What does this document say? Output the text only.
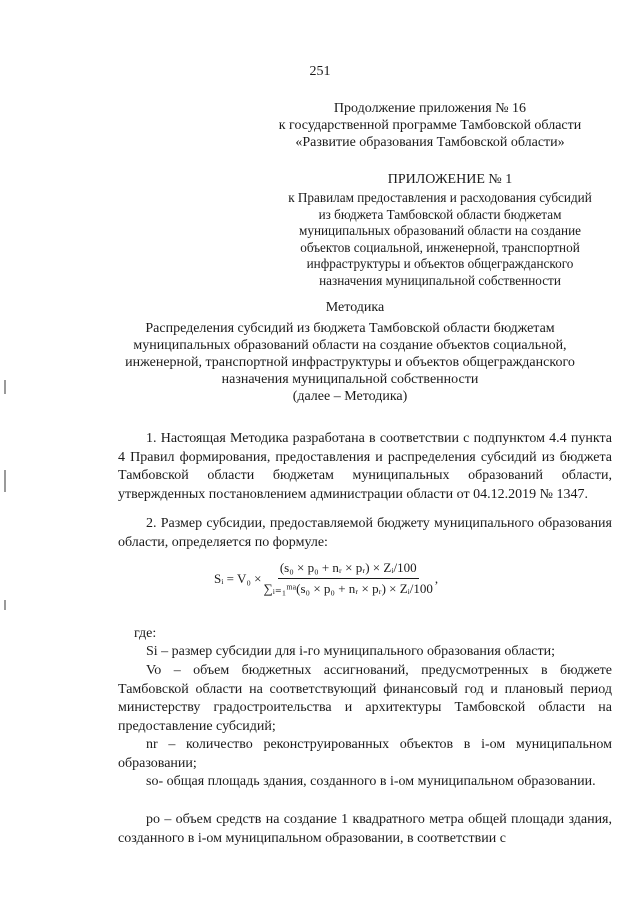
251
Продолжение приложения № 16
к государственной программе Тамбовской области
«Развитие образования Тамбовской области»
ПРИЛОЖЕНИЕ № 1
к Правилам предоставления и расходования субсидий
из бюджета Тамбовской области бюджетам
муниципальных образований области на создание
объектов социальной, инженерной, транспортной
инфраструктуры и объектов общегражданского
назначения муниципальной собственности
Методика
Распределения субсидий из бюджета Тамбовской области бюджетам
муниципальных образований области на создание объектов социальной,
инженерной, транспортной инфраструктуры и объектов общегражданского
назначения муниципальной собственности
(далее – Методика)
1. Настоящая Методика разработана в соответствии с подпунктом 4.4 пункта 4 Правил формирования, предоставления и распределения субсидий из бюджета Тамбовской области бюджетам муниципальных образований области, утвержденных постановлением администрации области от 04.12.2019 № 1347.
2. Размер субсидии, предоставляемой бюджету муниципального образования области, определяется по формуле:
Sᵢ = $V_0 \times \frac{\text{(s₀ × p₀ + nᵣ × pᵣ) × Zᵢ/100}}{\text{∑ᵢ₌₁ᵐᵃ(s₀ × p₀ + nᵣ × pᵣ) × Zᵢ/100}}$ ,
где:
Si – размер субсидии для i-го муниципального образования области;
Vo – объем бюджетных ассигнований, предусмотренных в бюджете Тамбовской области на соответствующий финансовый год и плановый период министерству градостроительства и архитектуры Тамбовской области на предоставление субсидий;
nr – количество реконструированных объектов в i-ом муниципальном образовании;
so- общая площадь здания, созданного в i-ом муниципальном образовании.
po – объем средств на создание 1 квадратного метра общей площади здания, созданного в i-ом муниципальном образовании, в соответствии с
